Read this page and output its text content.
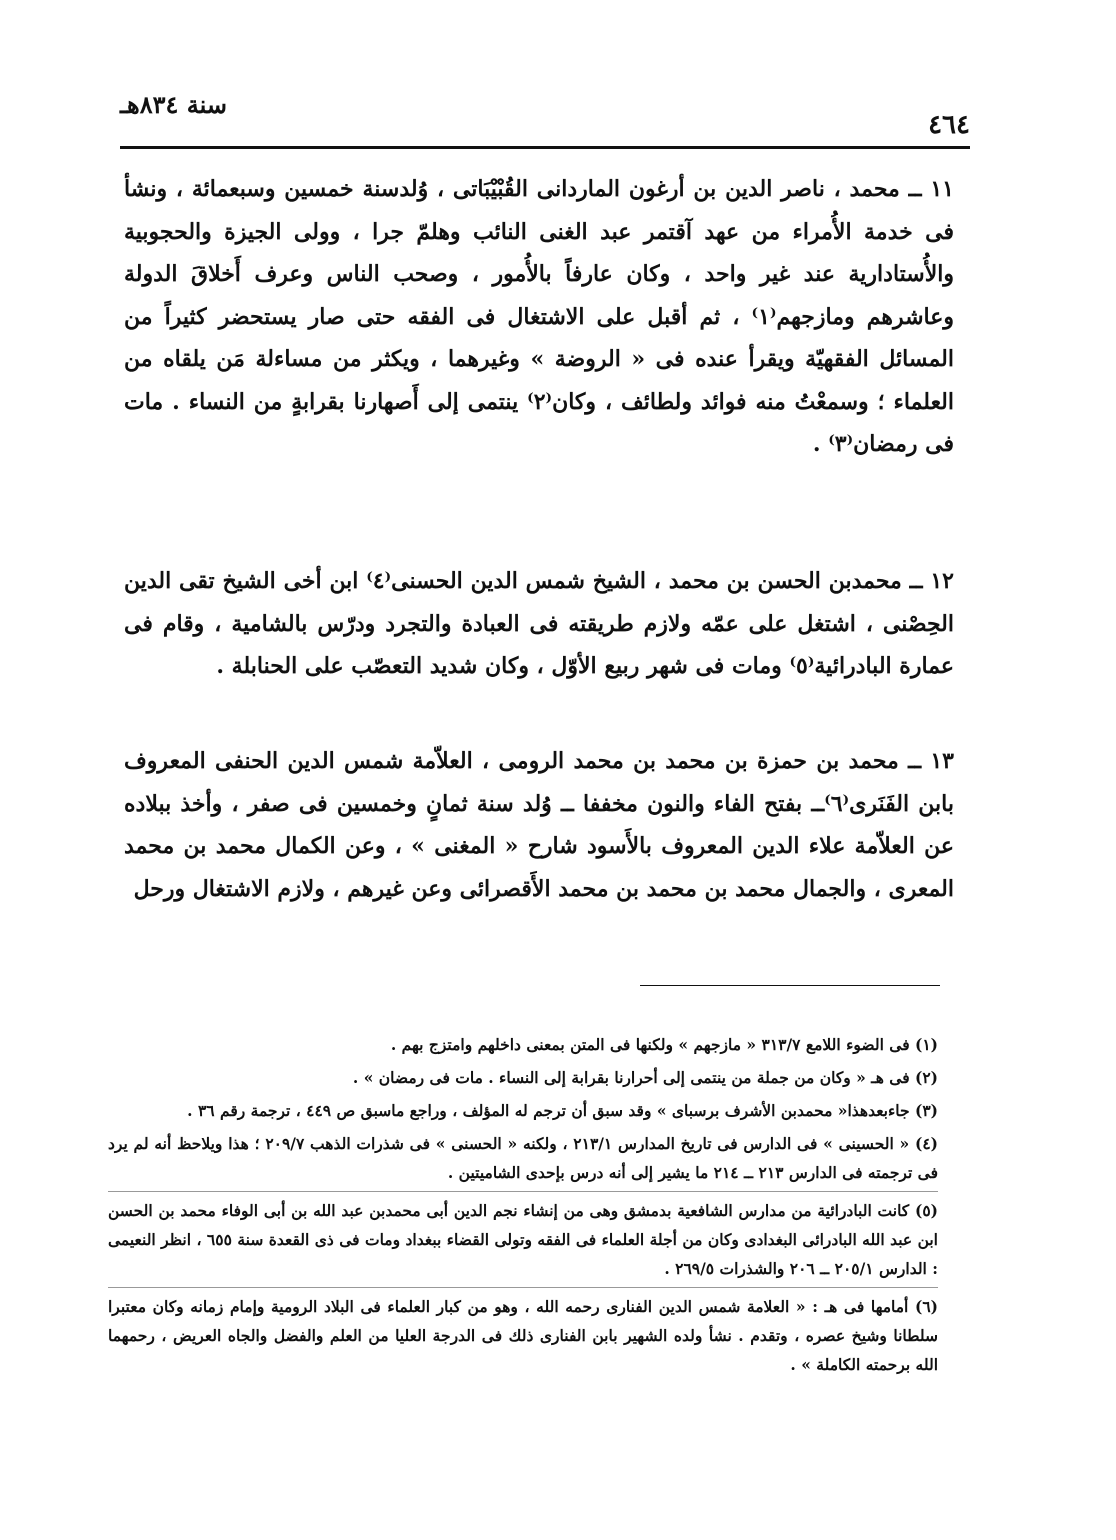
٤٦٤
سنة ٨٣٤هـ

١١ ــ محمد ، ناصر الدين بن أرغون الماردانى القُبْيْبَاتى ، وُلدسنة خمسين وسبعمائة ، ونشأ فى خدمة الأُمراء من عهد آقتمر عبد الغنى النائب وهلمّ جرا ، وولى الجيزة والحجوبية والأُستادارية عند غير واحد ، وكان عارفاً بالأُمور ، وصحب الناس وعرف أَخلاقَ الدولة وعاشرهم ومازجهم⁽١⁾ ، ثم أقبل على الاشتغال فى الفقه حتى صار يستحضر كثيراً من المسائل الفقهيّة ويقرأ عنده فى « الروضة » وغيرهما ، ويكثر من مساءلة مَن يلقاه من العلماء ؛ وسمعْتُ منه فوائد ولطائف ، وكان⁽٢⁾ ينتمى إلى أَصهارنا بقرابةٍ من النساء . مات فى رمضان⁽٣⁾ .

١٢ ــ محمدبن الحسن بن محمد ، الشيخ شمس الدين الحسنى⁽٤⁾ ابن أخى الشيخ تقى الدين الحِصْنى ، اشتغل على عمّه ولازم طريقته فى العبادة والتجرد ودرّس بالشامية ، وقام فى عمارة البادرائية⁽٥⁾ ومات فى شهر ربيع الأوّل ، وكان شديد التعصّب على الحنابلة .

١٣ ــ محمد بن حمزة بن محمد بن محمد الرومى ، العلاّمة شمس الدين الحنفى المعروف بابن الفَنَرى⁽٦⁾ــ بفتح الفاء والنون مخففا ــ وُلد سنة ثمانٍ وخمسين فى صفر ، وأخذ ببلاده عن العلاّمة علاء الدين المعروف بالأَسود شارح « المغنى » ، وعن الكمال محمد بن محمد المعرى ، والجمال محمد بن محمد بن محمد الأَقصرائى وعن غيرهم ، ولازم الاشتغال ورحل

(١) فى الضوء اللامع ٣١٣/٧ « مازجهم » ولكنها فى المتن بمعنى داخلهم وامتزج بهم .

(٢) فى هـ « وكان من جملة من ينتمى إلى أحرارنا بقرابة إلى النساء . مات فى رمضان » .

(٣) جاءبعدهذا« محمدبن الأشرف برسباى » وقد سبق أن ترجم له المؤلف ، وراجع ماسبق ص ٤٤٩ ، ترجمة رقم ٣٦ .

(٤) « الحسينى » فى الدارس فى تاريخ المدارس ٢١٣/١ ، ولكنه « الحسنى » فى شذرات الذهب ٢٠٩/٧ ؛ هذا ويلاحظ أنه لم يرد فى ترجمته فى الدارس ٢١٣ ــ ٢١٤ ما يشير إلى أنه درس بإحدى الشاميتين .

(٥) كانت البادرائية من مدارس الشافعية بدمشق وهى من إنشاء نجم الدين أبى محمدبن عبد الله بن أبى الوفاء محمد بن الحسن ابن عبد الله البادرائى البغدادى وكان من أجلة العلماء فى الفقه وتولى القضاء ببغداد ومات فى ذى القعدة سنة ٦٥٥ ، انظر النعيمى : الدارس ٢٠٥/١ ــ ٢٠٦ والشذرات ٢٦٩/٥ .

(٦) أمامها فى هـ : « العلامة شمس الدين الفنارى رحمه الله ، وهو من كبار العلماء فى البلاد الرومية وإمام زمانه وكان معتبرا سلطانا وشيخ عصره ، وتقدم . نشأ ولده الشهير بابن الفنارى ذلك فى الدرجة العليا من العلم والفضل والجاه العريض ، رحمهما الله برحمته الكاملة » .
